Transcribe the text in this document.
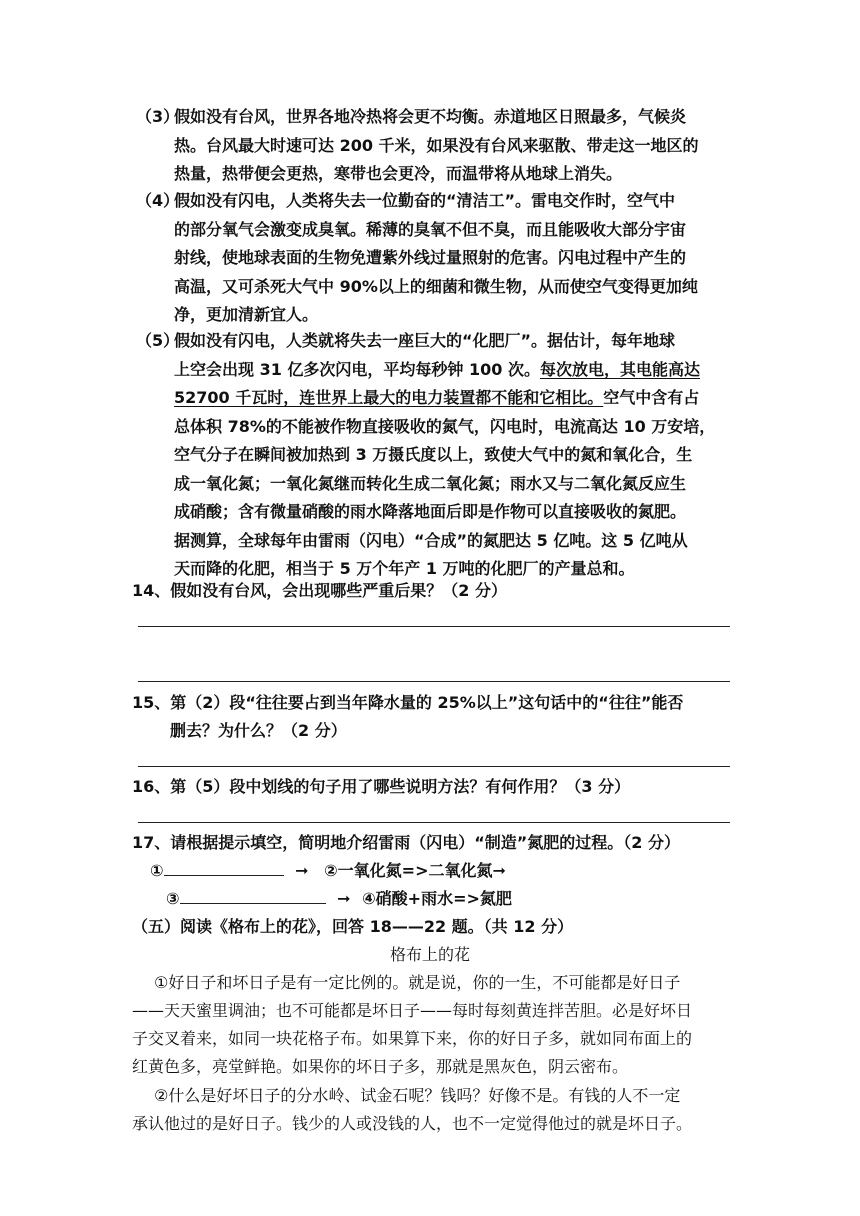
（3）
假如没有台风，世界各地冷热将会更不均衡。赤道地区日照最多，气候炎
热。台风最大时速可达 200 千米，如果没有台风来驱散、带走这一地区的
热量，热带便会更热，寒带也会更冷，而温带将从地球上消失。
（4）
假如没有闪电，人类将失去一位勤奋的“清洁工”。雷电交作时，空气中
的部分氧气会激变成臭氧。稀薄的臭氧不但不臭，而且能吸收大部分宇宙
射线，使地球表面的生物免遭紫外线过量照射的危害。闪电过程中产生的
高温，又可杀死大气中 90%以上的细菌和微生物，从而使空气变得更加纯
净，更加清新宜人。
（5）
假如没有闪电，人类就将失去一座巨大的“化肥厂”。据估计，每年地球
上空会出现 31 亿多次闪电，平均每秒钟 100 次。每次放电，其电能高达
52700 千瓦时，连世界上最大的电力装置都不能和它相比。空气中含有占
总体积 78%的不能被作物直接吸收的氮气，闪电时，电流高达 10 万安培，
空气分子在瞬间被加热到 3 万摄氏度以上，致使大气中的氮和氧化合，生
成一氧化氮；一氧化氮继而转化生成二氧化氮；雨水又与二氧化氮反应生
成硝酸；含有微量硝酸的雨水降落地面后即是作物可以直接吸收的氮肥。
据测算，全球每年由雷雨（闪电）“合成”的氮肥达 5 亿吨。这 5 亿吨从
天而降的化肥，相当于 5 万个年产 1 万吨的化肥厂的产量总和。
14、假如没有台风，会出现哪些严重后果？（2 分）
15、第（2）段“往往要占到当年降水量的 25%以上”这句话中的“往往”能否
删去？为什么？（2 分）
16、第（5）段中划线的句子用了哪些说明方法？有何作用？（3 分）
17、请根据提示填空，简明地介绍雷雨（闪电）“制造”氮肥的过程。（2 分）
①	➞ ②一氧化氮=>二氧化氮➞
③	➞ ④硝酸+雨水=>氮肥
（五）阅读《格布上的花》，回答 18——22 题。（共 12 分）
格布上的花
①好日子和坏日子是有一定比例的。就是说，你的一生，不可能都是好日子
——天天蜜里调油；也不可能都是坏日子——每时每刻黄连拌苦胆。必是好坏日
子交叉着来，如同一块花格子布。如果算下来，你的好日子多，就如同布面上的
红黄色多，亮堂鲜艳。如果你的坏日子多，那就是黑灰色，阴云密布。
②什么是好坏日子的分水岭、试金石呢？钱吗？好像不是。有钱的人不一定
承认他过的是好日子。钱少的人或没钱的人，也不一定觉得他过的就是坏日子。
